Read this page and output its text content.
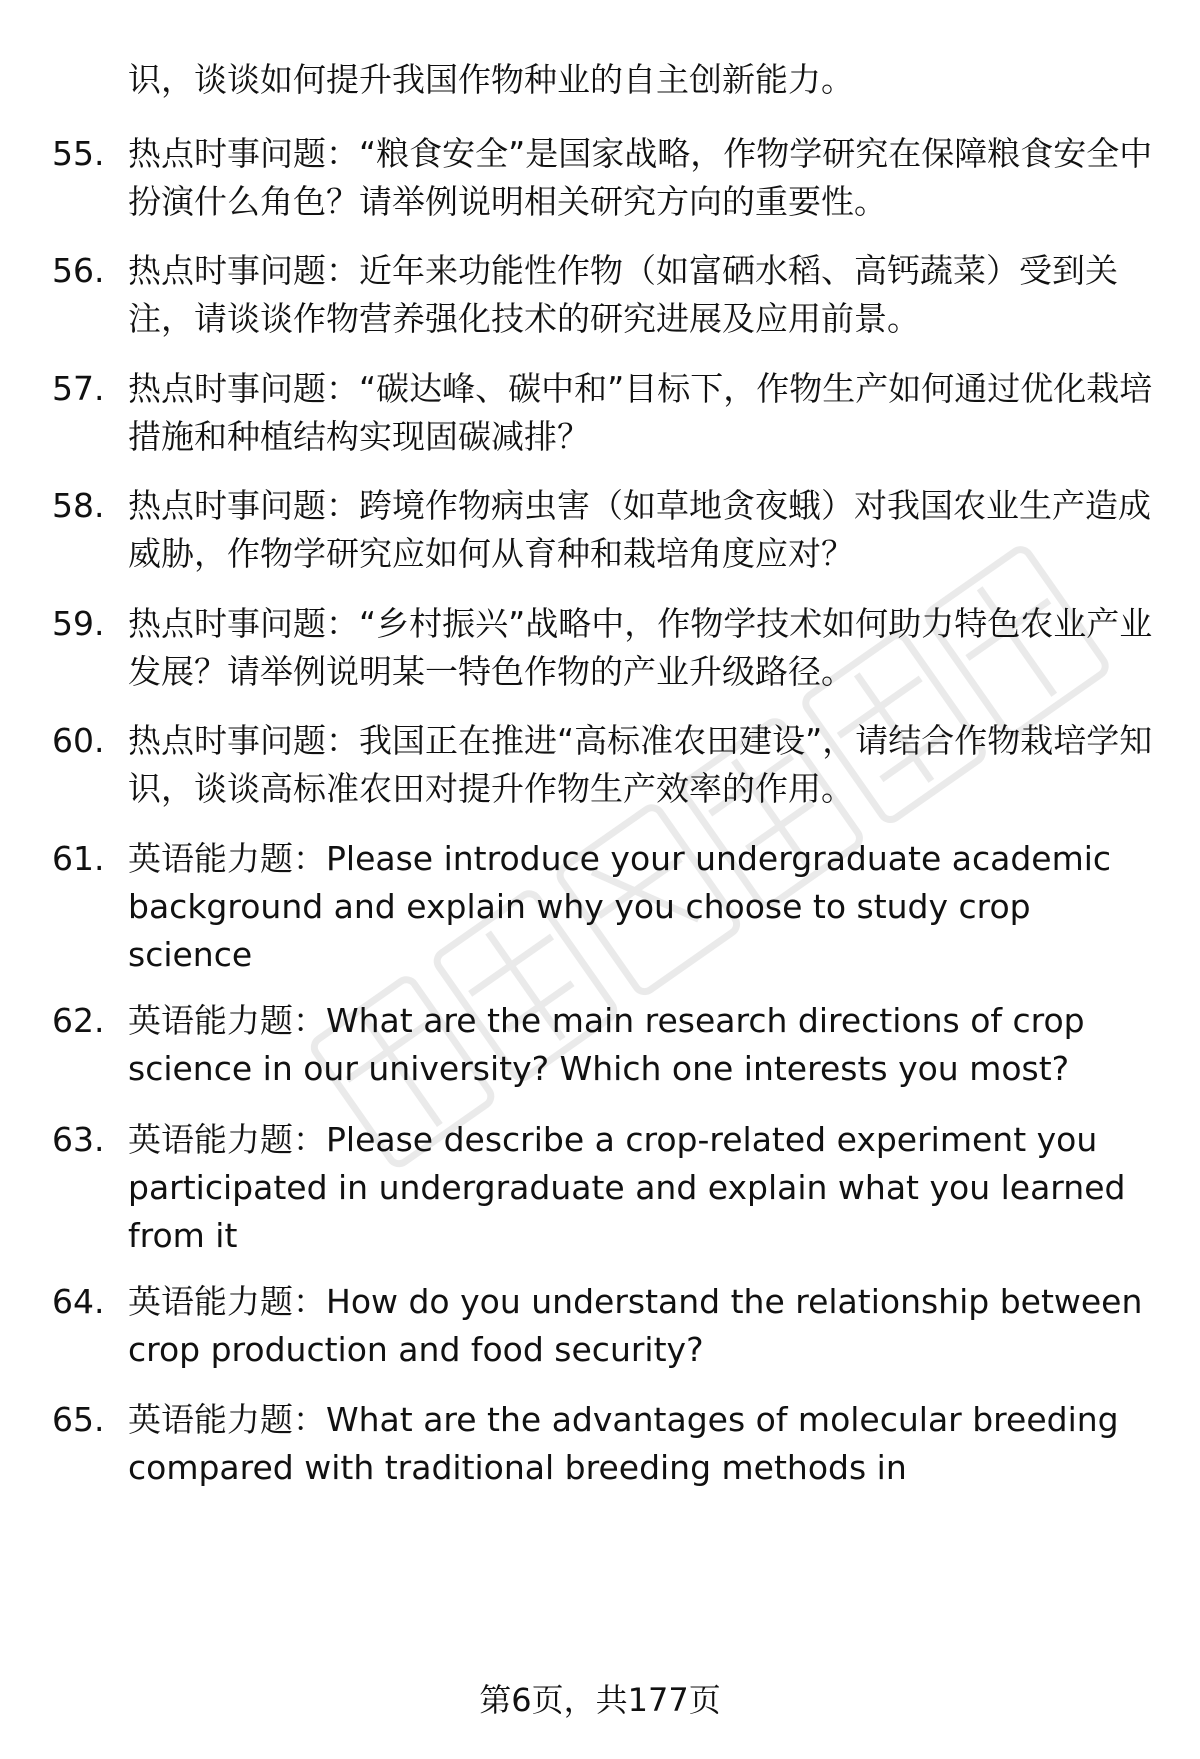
识，谈谈如何提升我国作物种业的自主创新能力。
55. 热点时事问题：“粮食安全”是国家战略，作物学研究在保障粮食安全中扮演什么角色？请举例说明相关研究方向的重要性。
56. 热点时事问题：近年来功能性作物（如富硒水稻、高钙蔬菜）受到关注，请谈谈作物营养强化技术的研究进展及应用前景。
57. 热点时事问题：“碳达峰、碳中和”目标下，作物生产如何通过优化栽培措施和种植结构实现固碳减排？
58. 热点时事问题：跨境作物病虫害（如草地贪夜蛾）对我国农业生产造成威胁，作物学研究应如何从育种和栽培角度应对？
59. 热点时事问题：“乡村振兴”战略中，作物学技术如何助力特色农业产业发展？请举例说明某一特色作物的产业升级路径。
60. 热点时事问题：我国正在推进“高标准农田建设”，请结合作物栽培学知识，谈谈高标准农田对提升作物生产效率的作用。
61. 英语能力题：Please introduce your undergraduate academic background and explain why you choose to study crop science
62. 英语能力题：What are the main research directions of crop science in our university? Which one interests you most?
63. 英语能力题：Please describe a crop-related experiment you participated in undergraduate and explain what you learned from it
64. 英语能力题：How do you understand the relationship between crop production and food security?
65. 英语能力题：What are the advantages of molecular breeding compared with traditional breeding methods in
第6页，共177页
